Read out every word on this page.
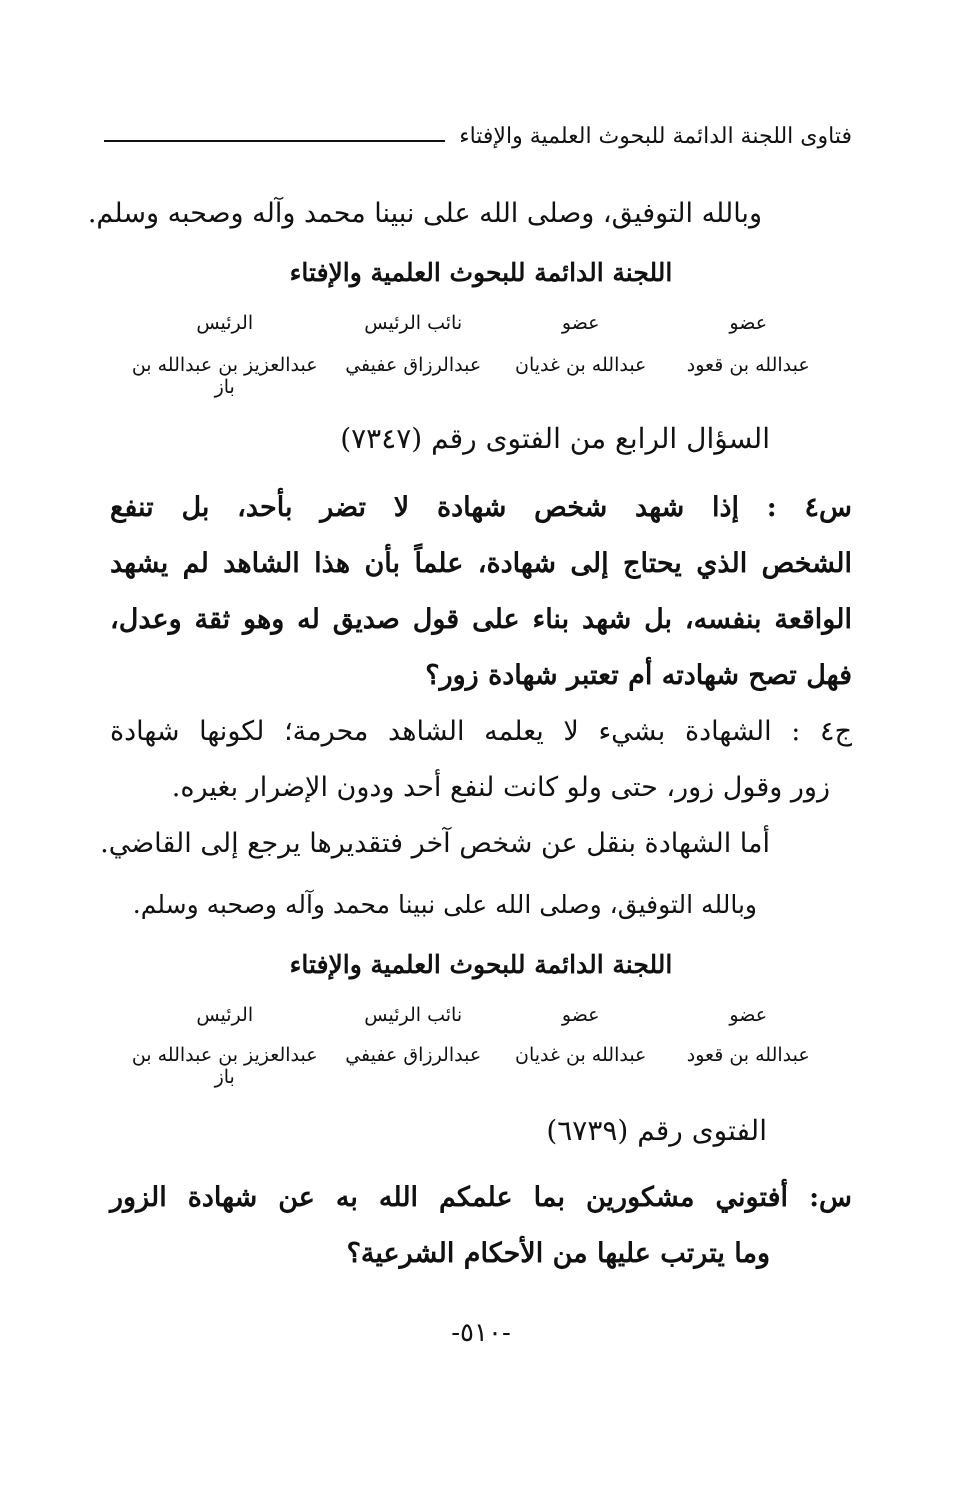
فتاوى اللجنة الدائمة للبحوث العلمية والإفتاء
وبالله التوفيق، وصلى الله على نبينا محمد وآله وصحبه وسلم.
اللجنة الدائمة للبحوث العلمية والإفتاء
عضو
عضو
نائب الرئيس
الرئيس
عبدالله بن قعود
عبدالله بن غديان
عبدالرزاق عفيفي
عبدالعزيز بن عبدالله بن باز
السؤال الرابع من الفتوى رقم (٧٣٤٧)
س٤ : إذا شهد شخص شهادة لا تضر بأحد، بل تنفع
الشخص الذي يحتاج إلى شهادة، علماً بأن هذا الشاهد لم يشهد
الواقعة بنفسه، بل شهد بناء على قول صديق له وهو ثقة وعدل،
فهل تصح شهادته أم تعتبر شهادة زور؟
ج٤ : الشهادة بشيء لا يعلمه الشاهد محرمة؛ لكونها شهادة
زور وقول زور، حتى ولو كانت لنفع أحد ودون الإضرار بغيره.
أما الشهادة بنقل عن شخص آخر فتقديرها يرجع إلى القاضي.
وبالله التوفيق، وصلى الله على نبينا محمد وآله وصحبه وسلم.
اللجنة الدائمة للبحوث العلمية والإفتاء
عضو
عضو
نائب الرئيس
الرئيس
عبدالله بن قعود
عبدالله بن غديان
عبدالرزاق عفيفي
عبدالعزيز بن عبدالله بن باز
الفتوى رقم (٦٧٣٩)
س: أفتوني مشكورين بما علمكم الله به عن شهادة الزور
وما يترتب عليها من الأحكام الشرعية؟
-٥١٠-
